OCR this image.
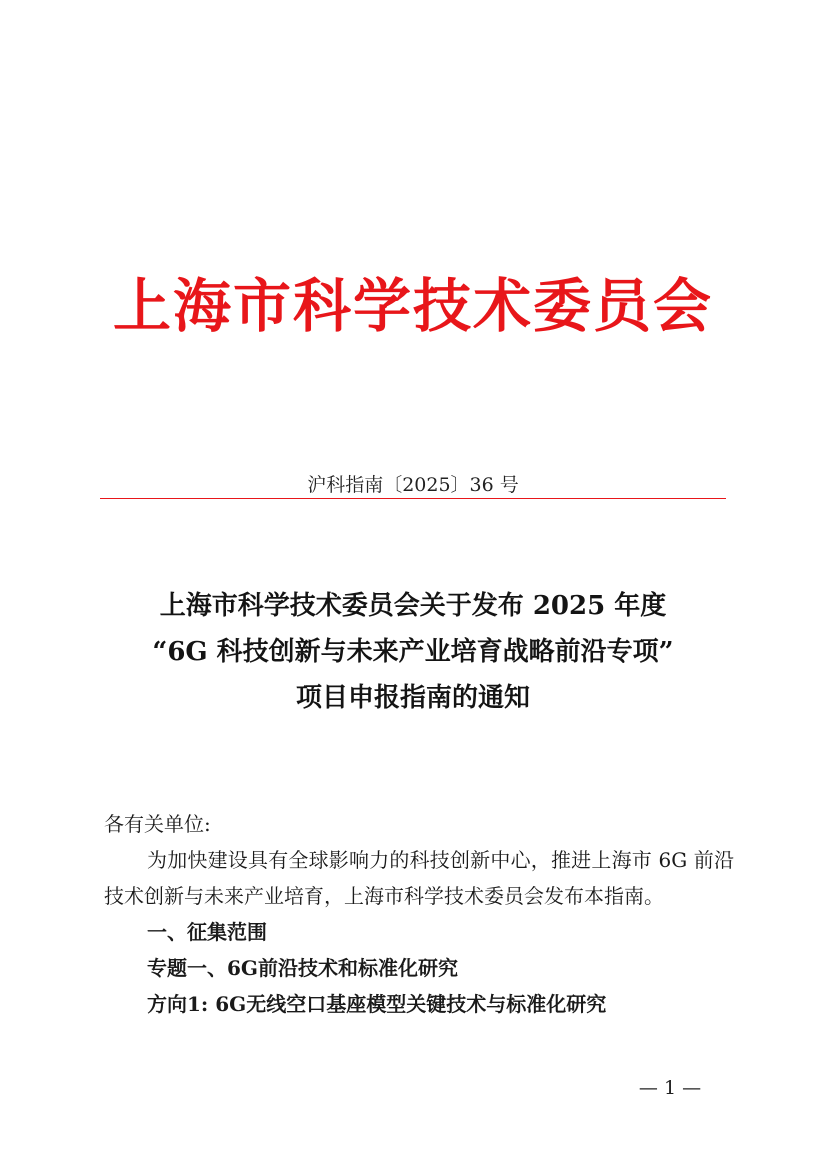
上海市科学技术委员会
沪科指南〔2025〕36 号
上海市科学技术委员会关于发布 2025 年度
“6G 科技创新与未来产业培育战略前沿专项”
项目申报指南的通知
各有关单位:
为加快建设具有全球影响力的科技创新中心，推进上海市 6G 前沿技术创新与未来产业培育，上海市科学技术委员会发布本指南。
一、征集范围
专题一、6G前沿技术和标准化研究
方向1: 6G无线空口基座模型关键技术与标准化研究
— 1 —
